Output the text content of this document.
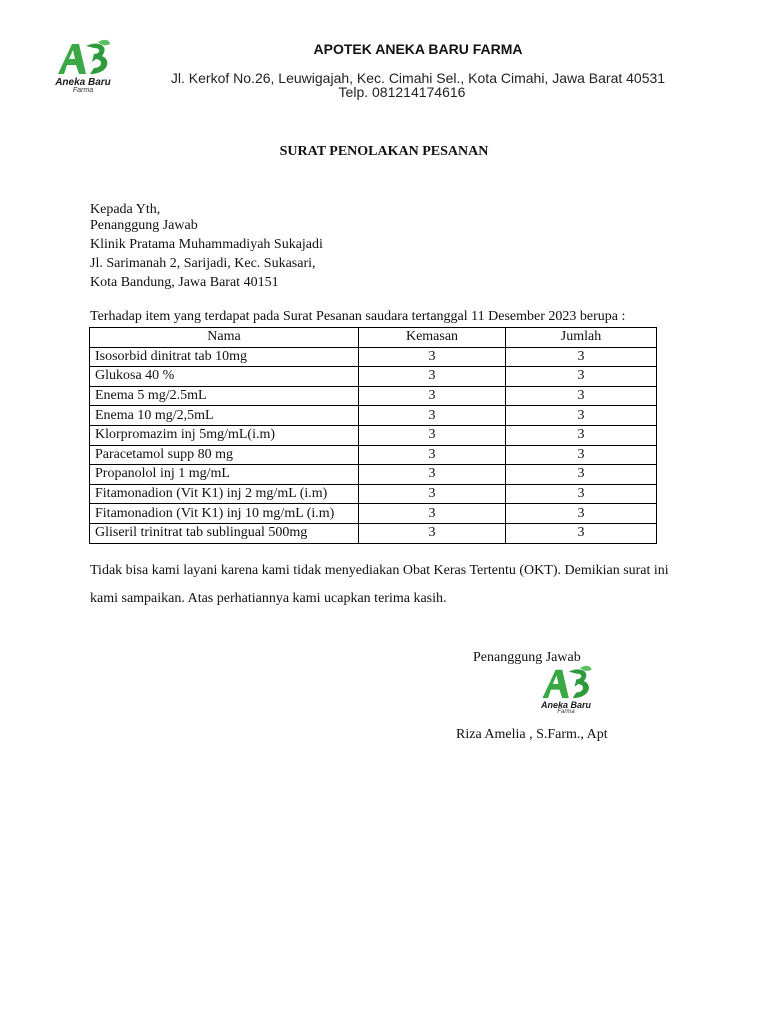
Aneka Baru
Farma
APOTEK ANEKA BARU FARMA
Jl. Kerkof No.26, Leuwigajah, Kec. Cimahi Sel., Kota Cimahi, Jawa Barat 40531
Telp. 081214174616
SURAT PENOLAKAN PESANAN
Kepada Yth,
Penanggung Jawab
Klinik Pratama Muhammadiyah Sukajadi
Jl. Sarimanah 2, Sarijadi, Kec. Sukasari,
Kota Bandung, Jawa Barat 40151
Terhadap item yang terdapat pada Surat Pesanan saudara tertanggal 11 Desember 2023 berupa :
Nama	Kemasan	Jumlah
Isosorbid dinitrat tab 10mg	3	3
Glukosa 40 %	3	3
Enema 5 mg/2.5mL	3	3
Enema 10 mg/2,5mL	3	3
Klorpromazim inj 5mg/mL(i.m)	3	3
Paracetamol supp 80 mg	3	3
Propanolol inj 1 mg/mL	3	3
Fitamonadion (Vit K1) inj 2 mg/mL (i.m)	3	3
Fitamonadion (Vit K1) inj 10 mg/mL (i.m)	3	3
Gliseril trinitrat tab sublingual 500mg	3	3
Tidak bisa kami layani karena kami tidak menyediakan Obat Keras Tertentu (OKT). Demikian surat ini
kami sampaikan. Atas perhatiannya kami ucapkan terima kasih.
Penanggung Jawab
Aneka Baru
Farma
Riza Amelia , S.Farm., Apt
